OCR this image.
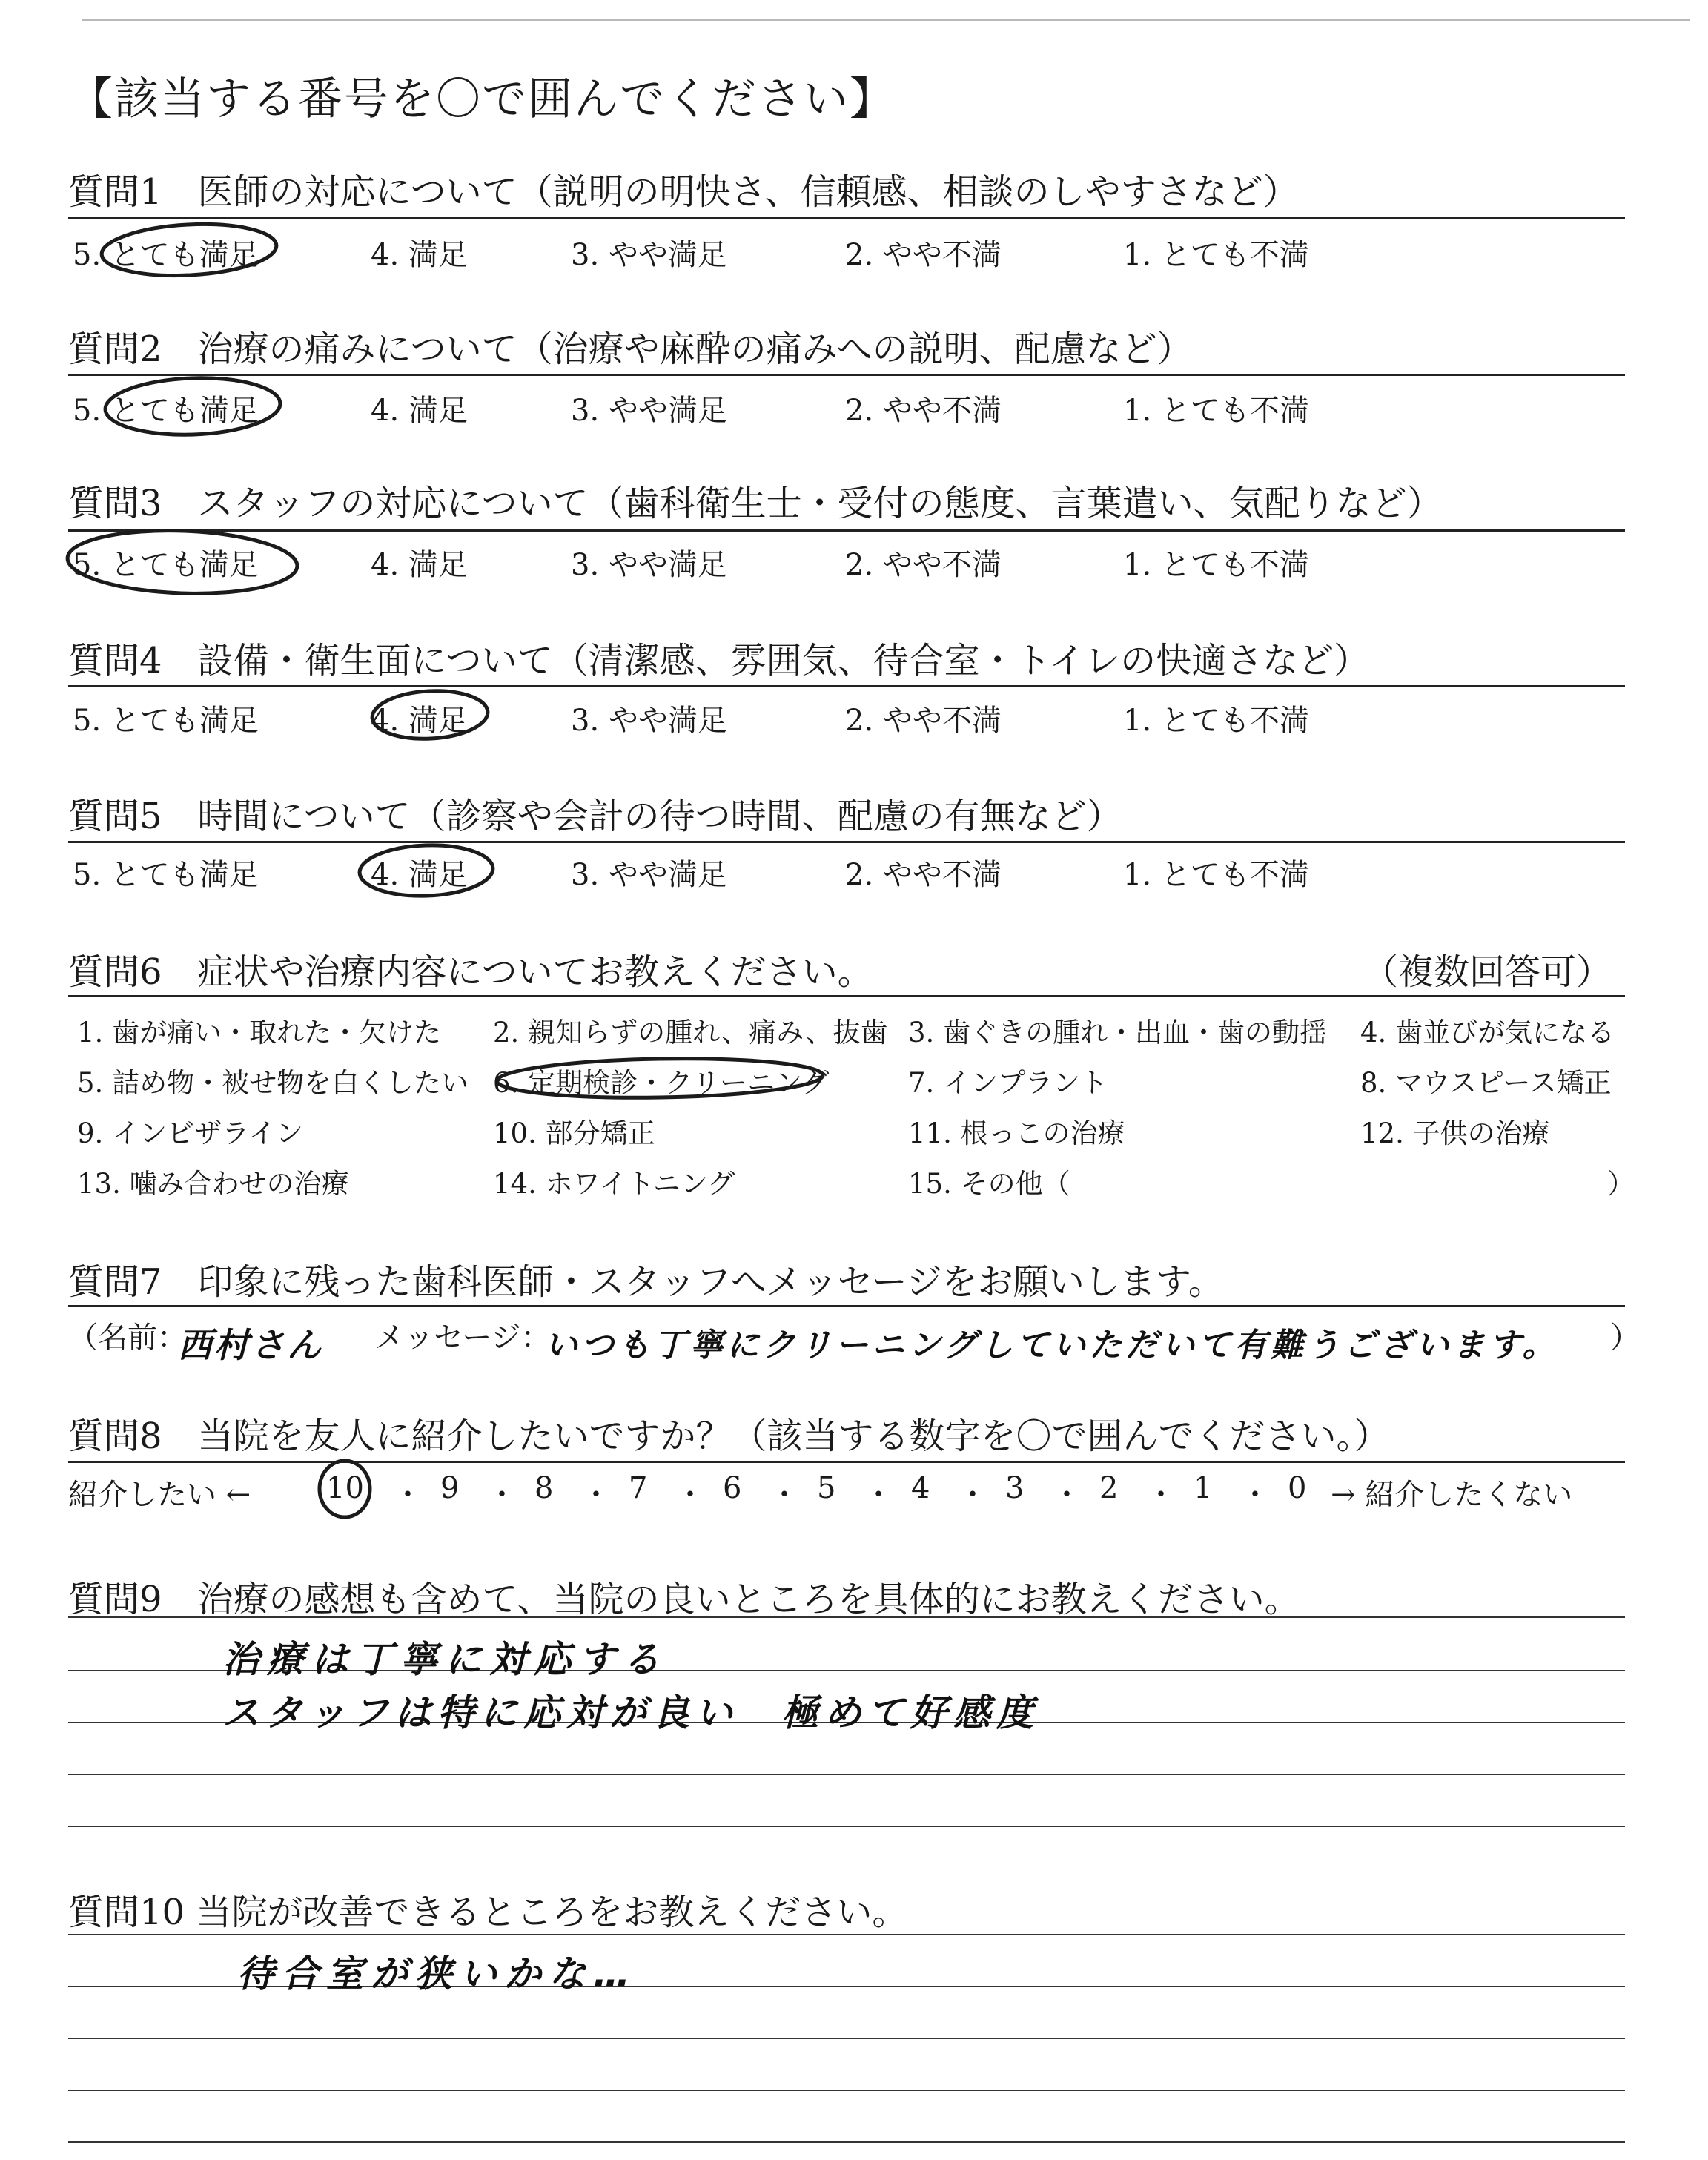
【該当する番号を〇で囲んでください】
質問1　医師の対応について（説明の明快さ、信頼感、相談のしやすさなど）
5. とても満足	4. 満足	3. やや満足	2. やや不満	1. とても不満
質問2　治療の痛みについて（治療や麻酔の痛みへの説明、配慮など）
5. とても満足	4. 満足	3. やや満足	2. やや不満	1. とても不満
質問3　スタッフの対応について（歯科衛生士・受付の態度、言葉遣い、気配りなど）
5. とても満足	4. 満足	3. やや満足	2. やや不満	1. とても不満
質問4　設備・衛生面について（清潔感、雰囲気、待合室・トイレの快適さなど）
5. とても満足	4. 満足	3. やや満足	2. やや不満	1. とても不満
質問5　時間について（診察や会計の待つ時間、配慮の有無など）
5. とても満足	4. 満足	3. やや満足	2. やや不満	1. とても不満
質問6　症状や治療内容についてお教えください。	（複数回答可）
1. 歯が痛い・取れた・欠けた 2. 親知らずの腫れ、痛み、抜歯 3. 歯ぐきの腫れ・出血・歯の動揺 4. 歯並びが気になる
5. 詰め物・被せ物を白くしたい 6. 定期検診・クリーニング	7. インプラント	8. マウスピース矯正
9. インビザライン	10. 部分矯正	11. 根っこの治療	12. 子供の治療
13. 噛み合わせの治療	14. ホワイトニング	15. その他（	）
質問7　印象に残った歯科医師・スタッフへメッセージをお願いします。
（名前：
西村さん メッセージ：
いつも丁寧にクリーニングしていただいて有難うございます。 ）
質問8　当院を友人に紹介したいですか？（該当する数字を〇で囲んでください。）
紹介したい ←	10 ・ 9 ・ 8 ・ 7 ・ 6 ・ 5 ・ 4 ・ 3 ・ 2 ・ 1 ・ 0 → 紹介したくない
質問9　治療の感想も含めて、当院の良いところを具体的にお教えください。
治療は丁寧に対応する
スタッフは特に応対が良い　極めて好感度
質問10 当院が改善できるところをお教えください。
待合室が狭いかな…
